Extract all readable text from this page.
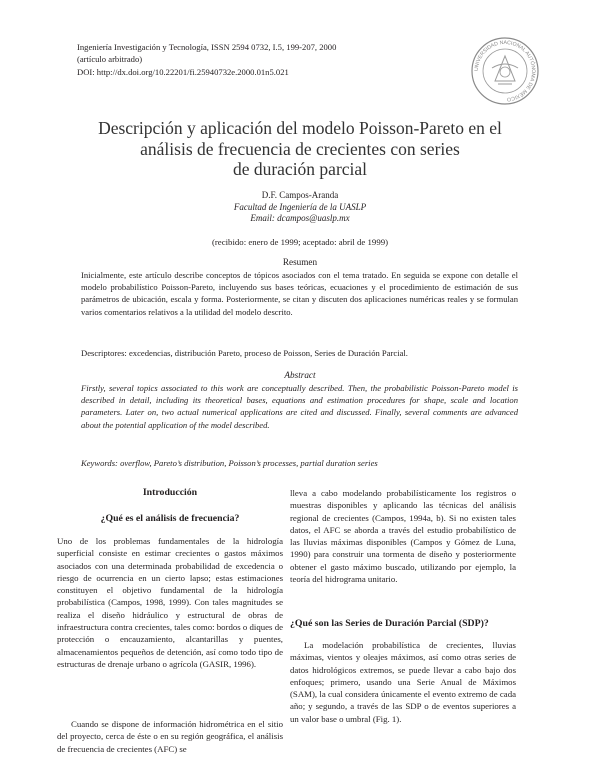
Ingeniería Investigación y Tecnología, ISSN 2594 0732, I.5, 199-207, 2000
(artículo arbitrado)
DOI: http://dx.doi.org/10.22201/fi.25940732e.2000.01n5.021	UNIVERSIDAD NACIONAL AUTÓNOMA DE MÉXICO
Descripción y aplicación del modelo Poisson-Pareto en el
análisis de frecuencia de crecientes con series
de duración parcial
D.F. Campos-Aranda
Facultad de Ingeniería de la UASLP
Email: dcampos@uaslp.mx
(recibido: enero de 1999; aceptado: abril de 1999)
Resumen

Inicialmente, este artículo describe conceptos de tópicos asociados con el tema tratado. En seguida se expone con detalle el modelo probabilístico Poisson-Pareto, incluyendo sus bases teóricas, ecuaciones y el procedimiento de estimación de sus parámetros de ubicación, escala y forma. Posteriormente, se citan y discuten dos aplicaciones numéricas reales y se formulan varios comentarios relativos a la utilidad del modelo descrito.

Descriptores: excedencias, distribución Pareto, proceso de Poisson, Series de Duración Parcial.

Abstract

Firstly, several topics associated to this work are conceptually described. Then, the probabilistic Poisson-Pareto model is described in detail, including its theoretical bases, equations and estimation procedures for shape, scale and location parameters. Later on, two actual numerical applications are cited and discussed. Finally, several comments are advanced about the potential application of the model described.

Keywords: overflow, Pareto’s distribution, Poisson’s processes, partial duration series

Introducción
¿Qué es el análisis de frecuencia?

Uno de los problemas fundamentales de la hidrología superficial consiste en estimar crecientes o gastos máximos asociados con una determinada probabilidad de excedencia o riesgo de ocurrencia en un cierto lapso; estas estimaciones constituyen el objetivo fundamental de la hidrología probabilística (Campos, 1998, 1999). Con tales magnitudes se realiza el diseño hidráulico y estructural de obras de infraestructura contra crecientes, tales como: bordos o diques de protección o encauzamiento, alcantarillas y puentes, almacenamientos pequeños de detención, así como todo tipo de estructuras de drenaje urbano o agrícola (GASIR, 1996).

Cuando se dispone de información hidrométrica en el sitio del proyecto, cerca de éste o en su región geográfica, el análisis de frecuencia de crecientes (AFC) se

lleva a cabo modelando probabilísticamente los registros o muestras disponibles y aplicando las técnicas del análisis regional de crecientes (Campos, 1994a, b). Si no existen tales datos, el AFC se aborda a través del estudio probabilístico de las lluvias máximas disponibles (Campos y Gómez de Luna, 1990) para construir una tormenta de diseño y posteriormente obtener el gasto máximo buscado, utilizando por ejemplo, la teoría del hidrograma unitario.

¿Qué son las Series de Duración Parcial (SDP)?

La modelación probabilística de crecientes, lluvias máximas, vientos y oleajes máximos, así como otras series de datos hidrológicos extremos, se puede llevar a cabo bajo dos enfoques; primero, usando una Serie Anual de Máximos (SAM), la cual considera únicamente el evento extremo de cada año; y segundo, a través de las SDP o de eventos superiores a un valor base o umbral (Fig. 1).
